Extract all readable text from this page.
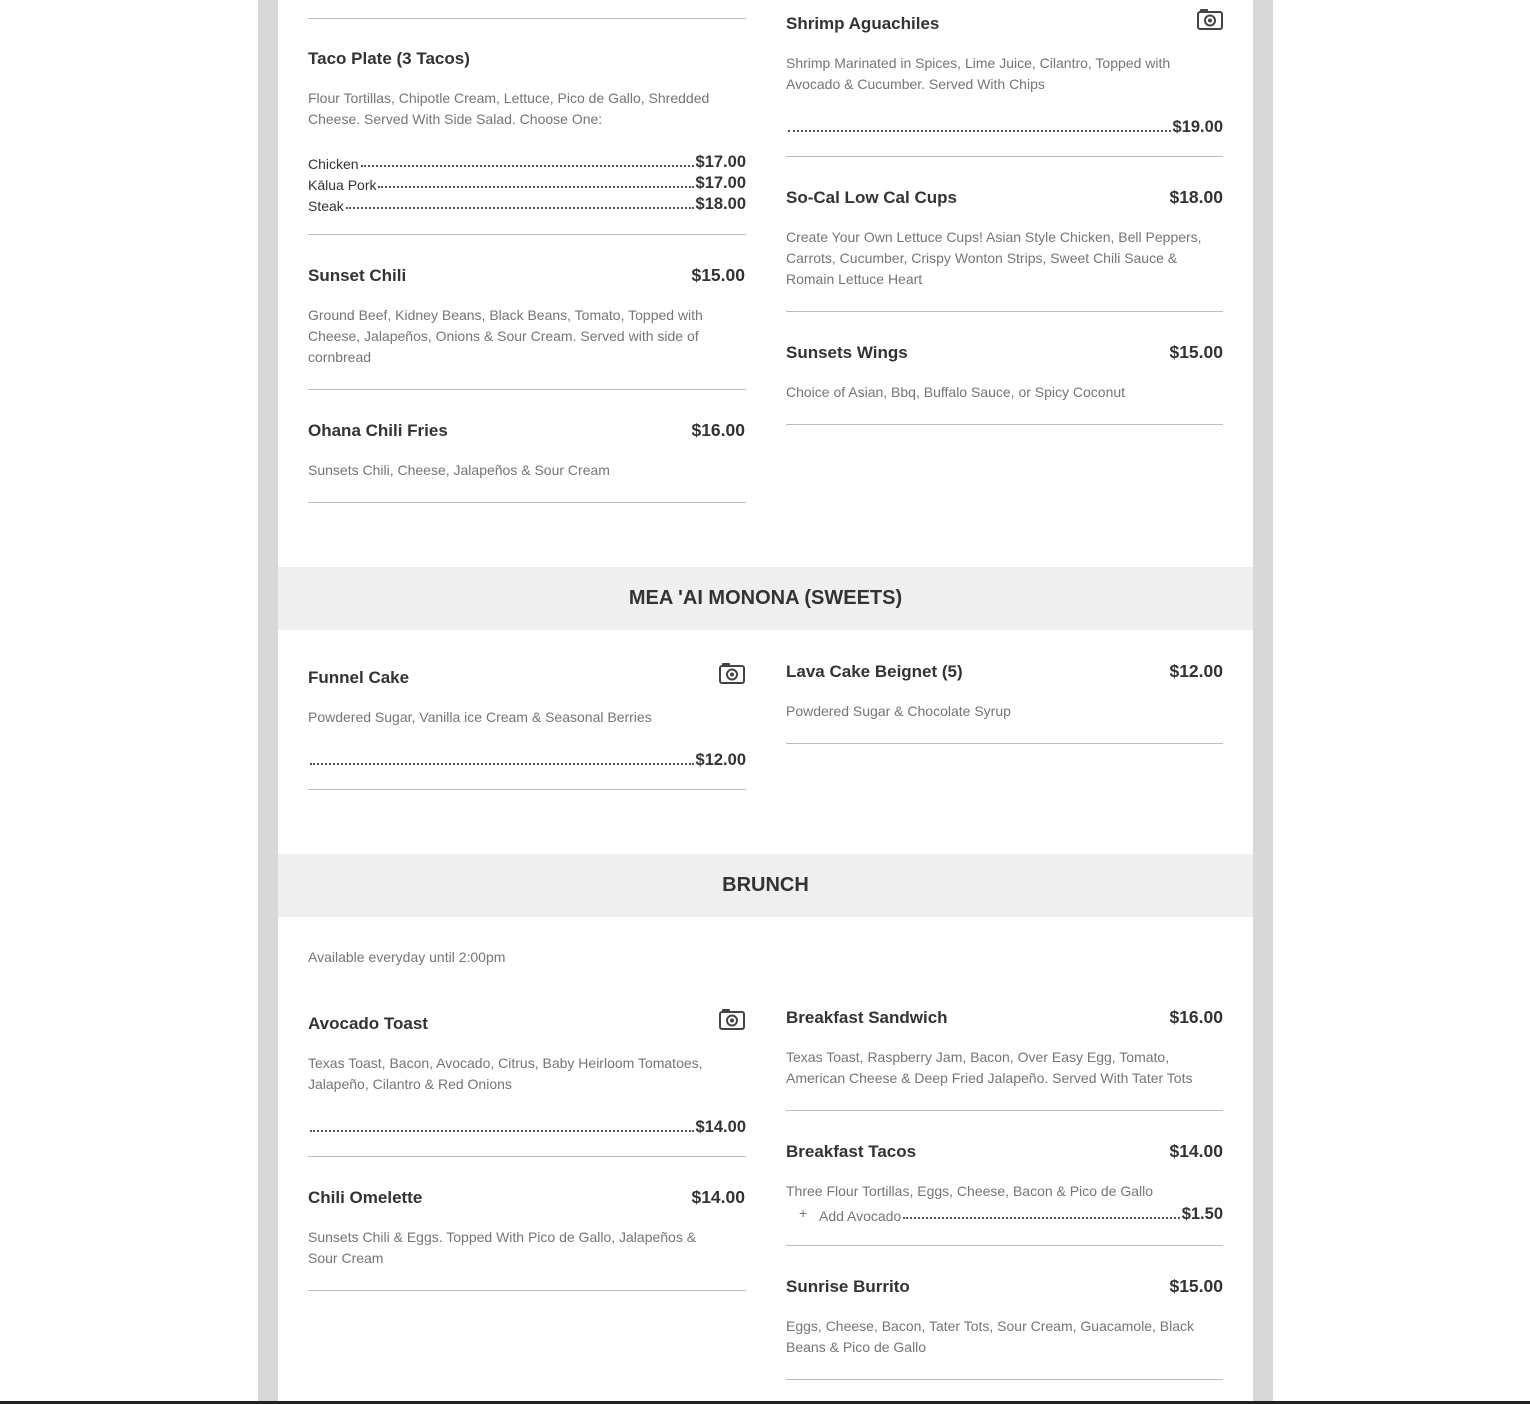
Taco Plate (3 Tacos)
Flour Tortillas, Chipotle Cream, Lettuce, Pico de Gallo, Shredded Cheese. Served With Side Salad. Choose One:
Chicken	$17.00
Kālua Pork	$17.00
Steak	$18.00
Sunset Chili	$15.00
Ground Beef, Kidney Beans, Black Beans, Tomato, Topped with Cheese, Jalapeños, Onions & Sour Cream. Served with side of cornbread
Ohana Chili Fries	$16.00
Sunsets Chili, Cheese, Jalapeños & Sour Cream
Shrimp Aguachiles
Shrimp Marinated in Spices, Lime Juice, Cilantro, Topped with Avocado & Cucumber. Served With Chips
$19.00
So-Cal Low Cal Cups	$18.00
Create Your Own Lettuce Cups! Asian Style Chicken, Bell Peppers, Carrots, Cucumber, Crispy Wonton Strips, Sweet Chili Sauce & Romain Lettuce Heart
Sunsets Wings	$15.00
Choice of Asian, Bbq, Buffalo Sauce, or Spicy Coconut
MEA 'AI MONONA (SWEETS)
Funnel Cake
Powdered Sugar, Vanilla ice Cream & Seasonal Berries
$12.00
Lava Cake Beignet (5)	$12.00
Powdered Sugar & Chocolate Syrup
BRUNCH
Available everyday until 2:00pm
Avocado Toast
Texas Toast, Bacon, Avocado, Citrus, Baby Heirloom Tomatoes, Jalapeño, Cilantro & Red Onions
$14.00
Chili Omelette	$14.00
Sunsets Chili & Eggs. Topped With Pico de Gallo, Jalapeños & Sour Cream
Breakfast Sandwich	$16.00
Texas Toast, Raspberry Jam, Bacon, Over Easy Egg, Tomato, American Cheese & Deep Fried Jalapeño. Served With Tater Tots
Breakfast Tacos	$14.00
Three Flour Tortillas, Eggs, Cheese, Bacon & Pico de Gallo
+ Add Avocado	$1.50
Sunrise Burrito	$15.00
Eggs, Cheese, Bacon, Tater Tots, Sour Cream, Guacamole, Black Beans & Pico de Gallo
